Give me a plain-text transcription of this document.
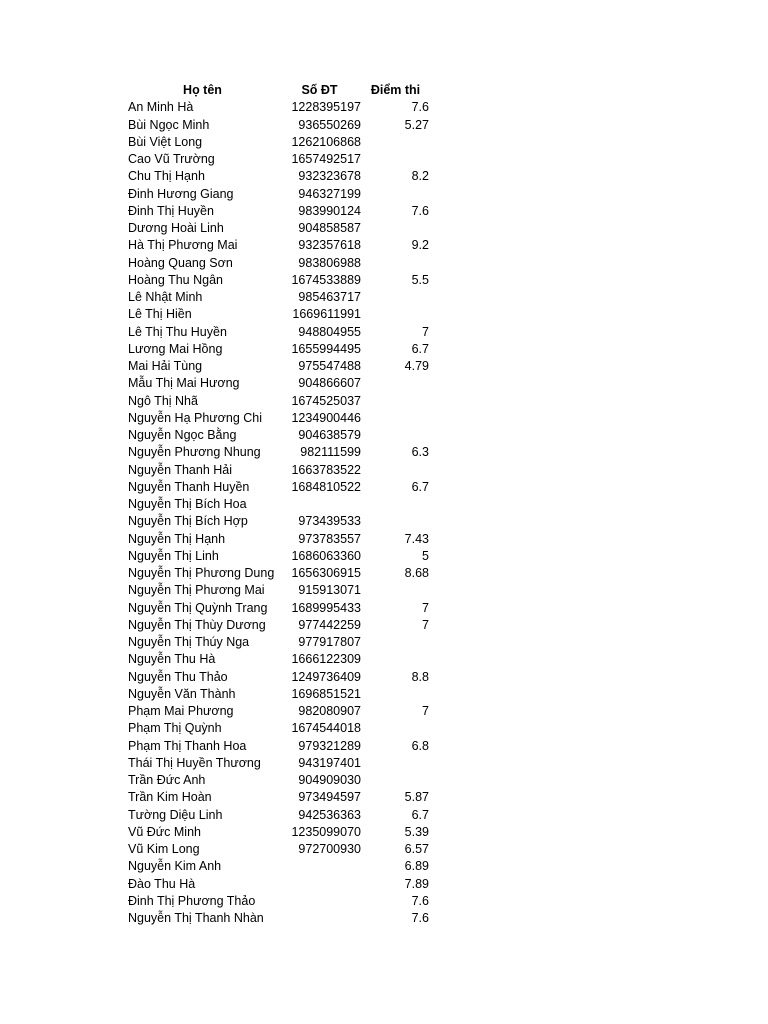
Họ tên	Số ĐT	Điểm thi
An Minh Hà	1228395197	7.6
Bùi Ngọc Minh	936550269	5.27
Bùi Việt Long	1262106868	
Cao Vũ Trường	1657492517	
Chu Thị Hạnh	932323678	8.2
Đinh Hương Giang	946327199	
Đinh Thị Huyền	983990124	7.6
Dương Hoài Linh	904858587	
Hà Thị Phương Mai	932357618	9.2
Hoàng Quang Sơn	983806988	
Hoàng Thu Ngân	1674533889	5.5
Lê Nhật Minh	985463717	
Lê Thị Hiền	1669611991	
Lê Thị Thu Huyền	948804955	7
Lương Mai Hồng	1655994495	6.7
Mai Hải Tùng	975547488	4.79
Mẫu Thị Mai Hương	904866607	
Ngô Thị Nhã	1674525037	
Nguyễn Hạ Phương Chi	1234900446	
Nguyễn Ngọc Bằng	904638579	
Nguyễn Phương Nhung	982111599	6.3
Nguyễn Thanh Hải	1663783522	
Nguyễn Thanh Huyền	1684810522	6.7
Nguyễn Thị Bích Hoa		
Nguyễn Thị Bích Hợp	973439533	
Nguyễn Thị Hạnh	973783557	7.43
Nguyễn Thị Linh	1686063360	5
Nguyễn Thị Phương Dung	1656306915	8.68
Nguyễn Thị Phương Mai	915913071	
Nguyễn Thị Quỳnh Trang	1689995433	7
Nguyễn Thị Thùy Dương	977442259	7
Nguyễn Thị Thúy Nga	977917807	
Nguyễn Thu Hà	1666122309	
Nguyễn Thu Thảo	1249736409	8.8
Nguyễn Văn Thành	1696851521	
Phạm Mai Phương	982080907	7
Phạm Thị Quỳnh	1674544018	
Phạm Thị Thanh Hoa	979321289	6.8
Thái Thị Huyền Thương	943197401	
Trần Đức Anh	904909030	
Trần Kim Hoàn	973494597	5.87
Tường Diệu Linh	942536363	6.7
Vũ Đức Minh	1235099070	5.39
Vũ Kim Long	972700930	6.57
Nguyễn Kim Anh		6.89
Đào Thu Hà		7.89
Đinh Thị Phương Thảo		7.6
Nguyễn Thị Thanh Nhàn		7.6
